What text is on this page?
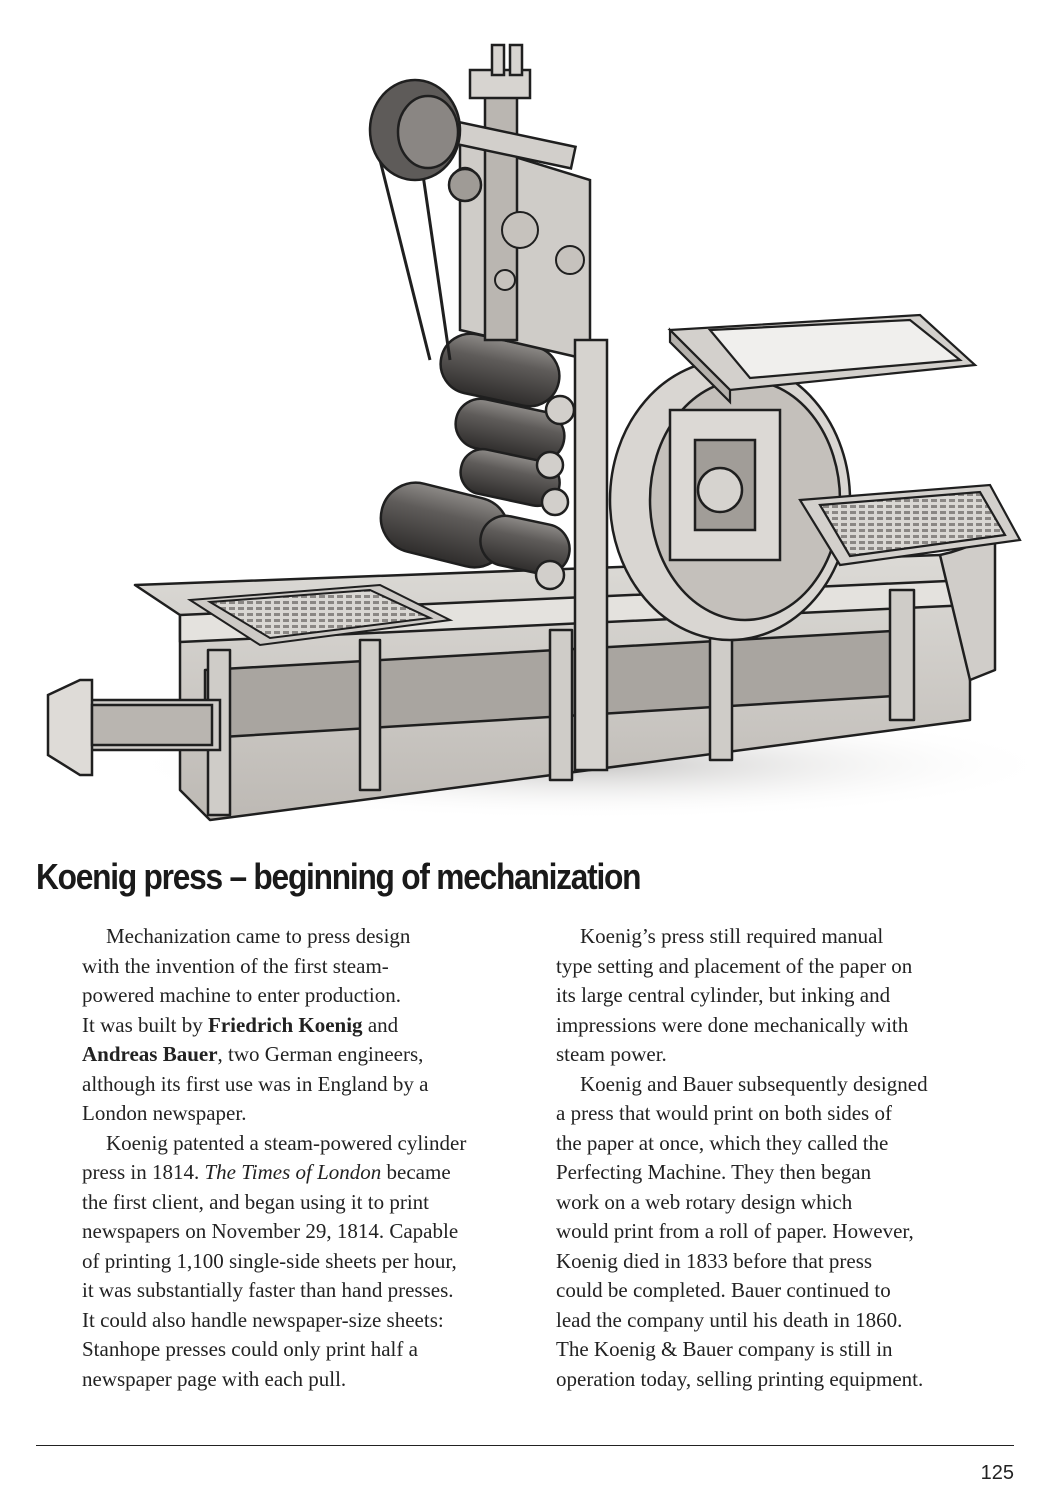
Koenig press – beginning of mechanization

Mechanization came to press design
with the invention of the first steam-
powered machine to enter production.
It was built by Friedrich Koenig and
Andreas Bauer, two German engineers,
although its first use was in England by a
London newspaper.

Koenig patented a steam-powered cylinder
press in 1814. The Times of London became
the first client, and began using it to print
newspapers on November 29, 1814. Capable
of printing 1,100 single-side sheets per hour,
it was substantially faster than hand presses.
It could also handle newspaper-size sheets:
Stanhope presses could only print half a
newspaper page with each pull.

Koenig’s press still required manual
type setting and placement of the paper on
its large central cylinder, but inking and
impressions were done mechanically with
steam power.

Koenig and Bauer subsequently designed
a press that would print on both sides of
the paper at once, which they called the
Perfecting Machine. They then began
work on a web rotary design which
would print from a roll of paper. However,
Koenig died in 1833 before that press
could be completed. Bauer continued to
lead the company until his death in 1860.
The Koenig & Bauer company is still in
operation today, selling printing equipment.

125
